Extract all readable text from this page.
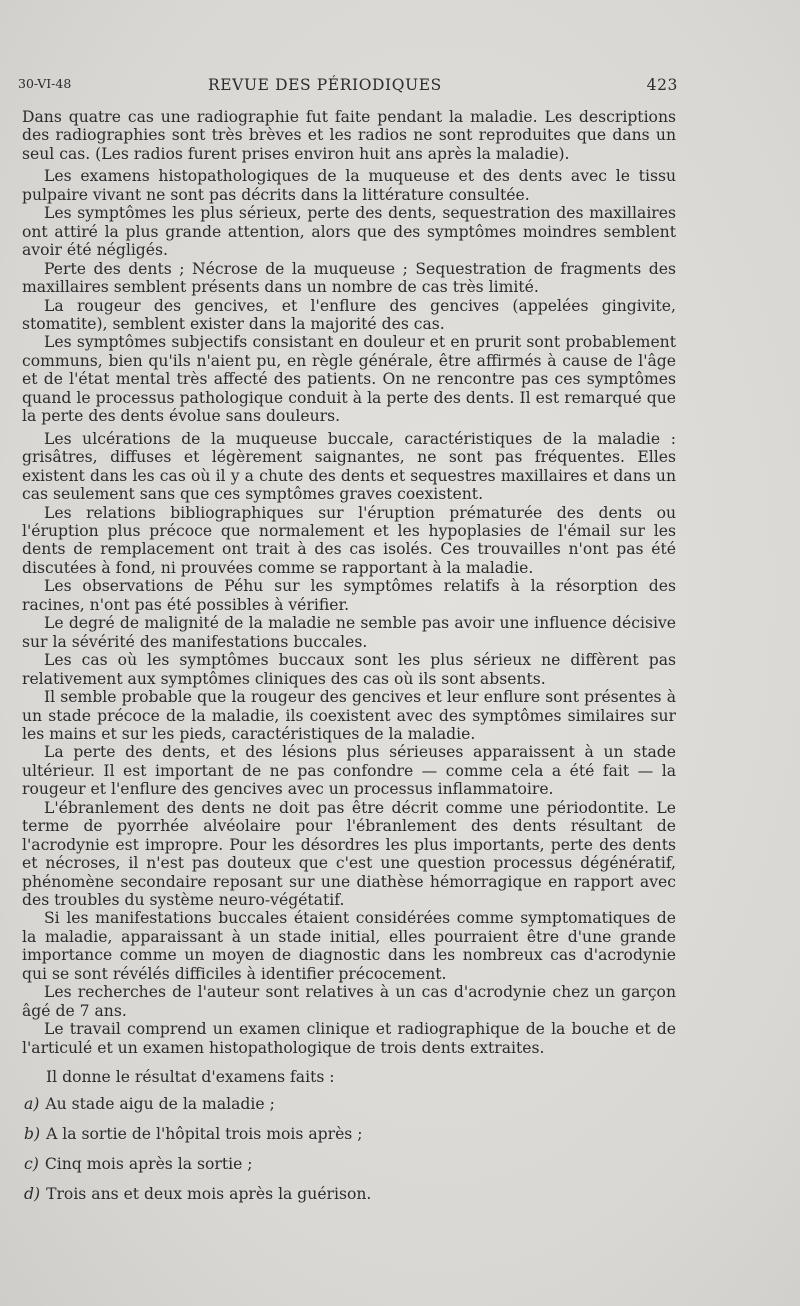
30-VI-48	REVUE DES PÉRIODIQUES	423

Dans quatre cas une radiographie fut faite pendant la maladie. Les descriptions des radiographies sont très brèves et les radios ne sont reproduites que dans un seul cas. (Les radios furent prises environ huit ans après la maladie).

Les examens histopathologiques de la muqueuse et des dents avec le tissu pulpaire vivant ne sont pas décrits dans la littérature consultée.

Les symptômes les plus sérieux, perte des dents, sequestration des maxillaires ont attiré la plus grande attention, alors que des symptômes moindres semblent avoir été négligés.

Perte des dents ; Nécrose de la muqueuse ; Sequestration de fragments des maxillaires semblent présents dans un nombre de cas très limité.

La rougeur des gencives, et l'enflure des gencives (appelées gingivite, stomatite), semblent exister dans la majorité des cas.

Les symptômes subjectifs consistant en douleur et en prurit sont probablement communs, bien qu'ils n'aient pu, en règle générale, être affirmés à cause de l'âge et de l'état mental très affecté des patients. On ne rencontre pas ces symptômes quand le processus pathologique conduit à la perte des dents. Il est remarqué que la perte des dents évolue sans douleurs.

Les ulcérations de la muqueuse buccale, caractéristiques de la maladie : grisâtres, diffuses et légèrement saignantes, ne sont pas fréquentes. Elles existent dans les cas où il y a chute des dents et sequestres maxillaires et dans un cas seulement sans que ces symptômes graves coexistent.

Les relations bibliographiques sur l'éruption prématurée des dents ou l'éruption plus précoce que normalement et les hypoplasies de l'émail sur les dents de remplacement ont trait à des cas isolés. Ces trouvailles n'ont pas été discutées à fond, ni prouvées comme se rapportant à la maladie.

Les observations de Péhu sur les symptômes relatifs à la résorption des racines, n'ont pas été possibles à vérifier.

Le degré de malignité de la maladie ne semble pas avoir une influence décisive sur la sévérité des manifestations buccales.

Les cas où les symptômes buccaux sont les plus sérieux ne diffèrent pas relativement aux symptômes cliniques des cas où ils sont absents.

Il semble probable que la rougeur des gencives et leur enflure sont présentes à un stade précoce de la maladie, ils coexistent avec des symptômes similaires sur les mains et sur les pieds, caractéristiques de la maladie.

La perte des dents, et des lésions plus sérieuses apparaissent à un stade ultérieur. Il est important de ne pas confondre — comme cela a été fait — la rougeur et l'enflure des gencives avec un processus inflammatoire.

L'ébranlement des dents ne doit pas être décrit comme une périodontite. Le terme de pyorrhée alvéolaire pour l'ébranlement des dents résultant de l'acrodynie est impropre. Pour les désordres les plus importants, perte des dents et nécroses, il n'est pas douteux que c'est une question processus dégénératif, phénomène secondaire reposant sur une diathèse hémorragique en rapport avec des troubles du système neuro-végétatif.

Si les manifestations buccales étaient considérées comme symptomatiques de la maladie, apparaissant à un stade initial, elles pourraient être d'une grande importance comme un moyen de diagnostic dans les nombreux cas d'acrodynie qui se sont révélés difficiles à identifier précocement.

Les recherches de l'auteur sont relatives à un cas d'acrodynie chez un garçon âgé de 7 ans.

Le travail comprend un examen clinique et radiographique de la bouche et de l'articulé et un examen histopathologique de trois dents extraites.

Il donne le résultat d'examens faits :

a) Au stade aigu de la maladie ;
b) A la sortie de l'hôpital trois mois après ;
c) Cinq mois après la sortie ;
d) Trois ans et deux mois après la guérison.
